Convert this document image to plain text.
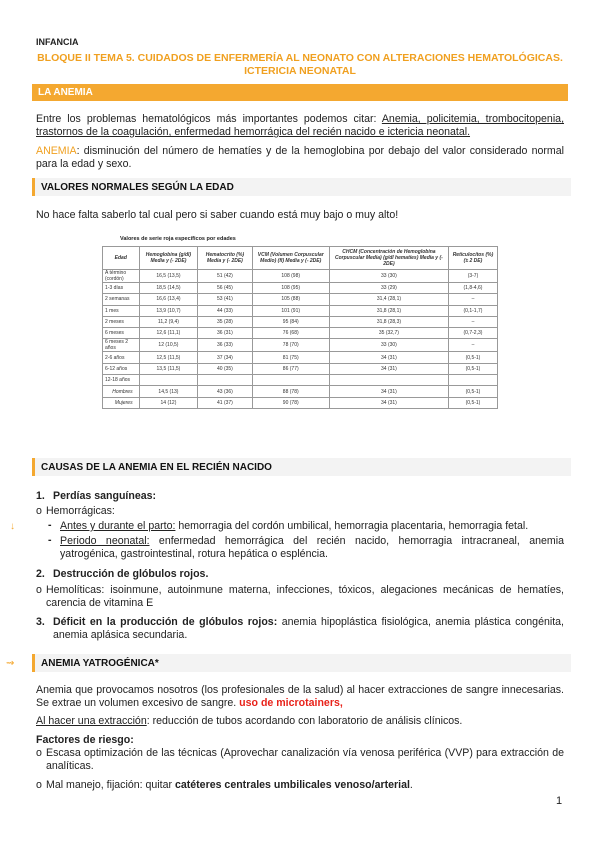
INFANCIA
BLOQUE II TEMA 5. CUIDADOS DE ENFERMERÍA AL NEONATO CON ALTERACIONES HEMATOLÓGICAS. ICTERICIA NEONATAL
LA ANEMIA

Entre los problemas hematológicos más importantes podemos citar: Anemia, policitemia, trombocitopenia, trastornos de la coagulación, enfermedad hemorrágica del recién nacido e ictericia neonatal.

ANEMIA: disminución del número de hematíes y de la hemoglobina por debajo del valor considerado normal para la edad y sexo.

VALORES NORMALES SEGÚN LA EDAD

No hace falta saberlo tal cual pero si saber cuando está muy bajo o muy alto!

Valores de serie roja específicos por edades
Edad	Hemoglobina (g/dl) Media y (- 2DE)	Hematocrito (%) Media y (- 2DE)	VCM (Volumen Corpuscular Medio) (fl) Media y (- 2DE)	CHCM (Concentración de Hemoglobina Corpuscular Media) (g/dl hematíes) Media y (- 2DE)	Reticulocitos (%) (± 2 DE)
A término (cordón)	16,5 (13,5)	51 (42)	108 (98)	33 (30)	(3-7)
1-3 días	18,5 (14,5)	56 (45)	108 (95)	33 (29)	(1,8-4,6)
2 semanas	16,6 (13,4)	53 (41)	105 (88)	31,4 (28,1)	–
1 mes	13,9 (10,7)	44 (33)	101 (91)	31,8 (28,1)	(0,1-1,7)
2 meses	11,2 (9,4)	35 (28)	95 (84)	31,8 (28,3)	–
6 meses	12,6 (11,1)	36 (31)	76 (68)	35 (32,7)	(0,7-2,3)
6 meses 2 años	12 (10,5)	36 (33)	78 (70)	33 (30)	–
2-6 años	12,5 (11,5)	37 (34)	81 (75)	34 (31)	(0,5-1)
6-12 años	13,5 (11,5)	40 (35)	86 (77)	34 (31)	(0,5-1)
12-18 años					
Hombres	14,5 (13)	43 (36)	88 (78)	34 (31)	(0,5-1)
Mujeres	14 (12)	41 (37)	90 (78)	34 (31)	(0,5-1)
CAUSAS DE LA ANEMIA EN EL RECIÉN NACIDO
1. Perdías sanguíneas:
o Hemorrágicas:

↓	- Antes y durante el parto: hemorragia del cordón umbilical, hemorragia placentaria, hemorragia fetal.

- Periodo neonatal: enfermedad hemorrágica del recién nacido, hemorragia intracraneal, anemia yatrogénica, gastrointestinal, rotura hepática o espléncia.

2. Destrucción de glóbulos rojos.
o Hemolíticas: isoinmune, autoinmune materna, infecciones, tóxicos, alegaciones mecánicas de hematíes, carencia de vitamina E

3. Déficit en la producción de glóbulos rojos: anemia hipoplástica fisiológica, anemia plástica congénita, anemia aplásica secundaria.

⇝	ANEMIA YATROGÉNICA*

Anemia que provocamos nosotros (los profesionales de la salud) al hacer extracciones de sangre innecesarias. Se extrae un volumen excesivo de sangre. uso de microtainers,

Al hacer una extracción: reducción de tubos acordando con laboratorio de análisis clínicos.

Factores de riesgo:

o Escasa optimización de las técnicas (Aprovechar canalización vía venosa periférica (VVP) para extracción de analíticas.

o Mal manejo, fijación: quitar catéteres centrales umbilicales venoso/arterial.

1
